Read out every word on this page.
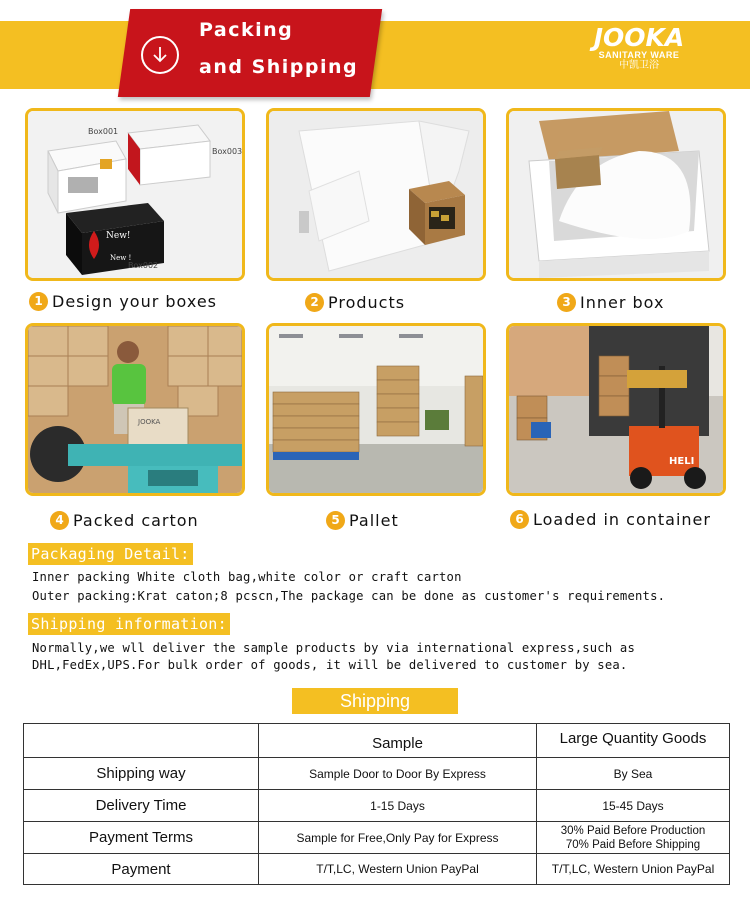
Packing
and Shipping
JOOKA
SANITARY WARE
中凯卫浴
New!
New !
Box001
Box003
Box002
1 Design your boxes	2 Products	3 Inner box
JOOKA
4 Packed carton	5 Pallet
HELI
6 Loaded in container
Packaging Detail:
Inner packing White cloth bag,white color or craft carton
Outer packing:Krat caton;8 pcscn,The package can be done as customer's requirements.
Shipping information:
Normally,we wll deliver the sample products by via international express,such as
DHL,FedEx,UPS.For bulk order of goods, it will be delivered to customer by sea.
Shipping
	Sample	Large Quantity Goods
Shipping way	Sample Door to Door By Express	By Sea
Delivery Time	1-15 Days	15-45 Days
Payment Terms	Sample for Free,Only Pay for Express	30% Paid Before Production
70% Paid Before Shipping

Payment	T/T,LC, Western Union PayPal	T/T,LC, Western Union PayPal
